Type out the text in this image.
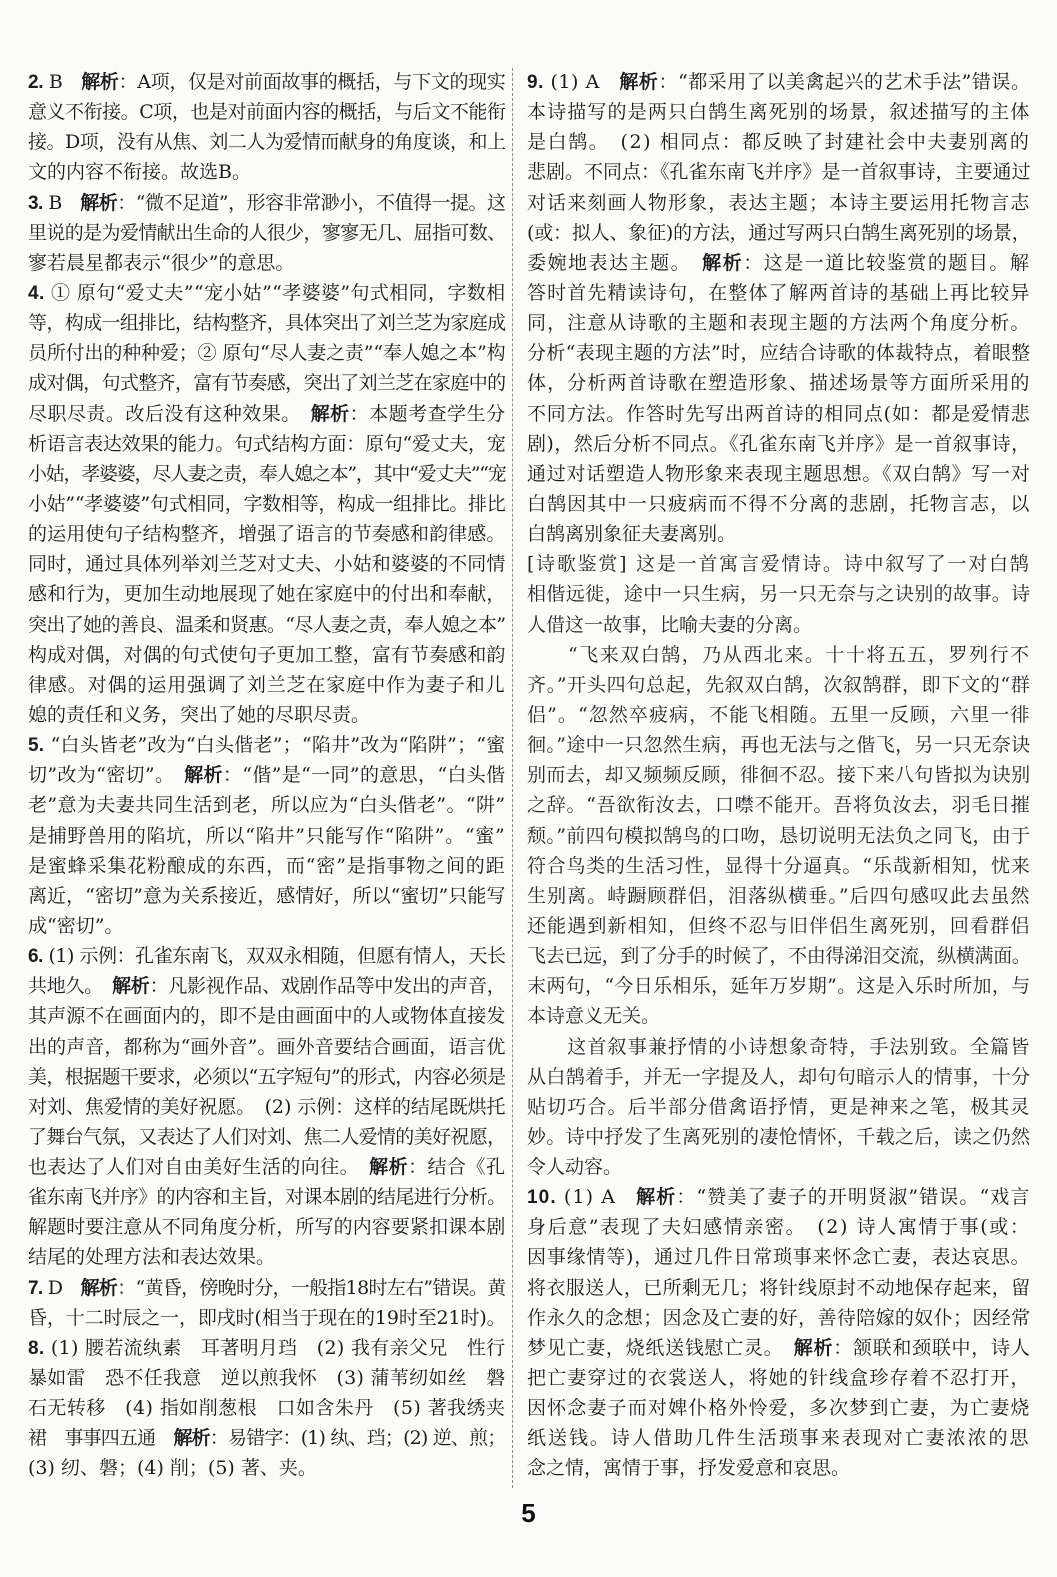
2. B　解析：A项，仅是对前面故事的概括，与下文的现实
意义不衔接。C项，也是对前面内容的概括，与后文不能衔
接。D项，没有从焦、刘二人为爱情而献身的角度谈，和上
文的内容不衔接。故选B。
3. B　解析：“微不足道”，形容非常渺小，不值得一提。这
里说的是为爱情献出生命的人很少，寥寥无几、屈指可数、
寥若晨星都表示“很少”的意思。
4. ① 原句“爱丈夫”“宠小姑”“孝婆婆”句式相同，字数相
等，构成一组排比，结构整齐，具体突出了刘兰芝为家庭成
员所付出的种种爱；② 原句“尽人妻之责”“奉人媳之本”构
成对偶，句式整齐，富有节奏感，突出了刘兰芝在家庭中的
尽职尽责。改后没有这种效果。　解析：本题考查学生分
析语言表达效果的能力。句式结构方面：原句“爱丈夫，宠
小姑，孝婆婆，尽人妻之责，奉人媳之本”，其中“爱丈夫”“宠
小姑”“孝婆婆”句式相同，字数相等，构成一组排比。排比
的运用使句子结构整齐，增强了语言的节奏感和韵律感。
同时，通过具体列举刘兰芝对丈夫、小姑和婆婆的不同情
感和行为，更加生动地展现了她在家庭中的付出和奉献，
突出了她的善良、温柔和贤惠。“尽人妻之责，奉人媳之本”
构成对偶，对偶的句式使句子更加工整，富有节奏感和韵
律感。对偶的运用强调了刘兰芝在家庭中作为妻子和儿
媳的责任和义务，突出了她的尽职尽责。
5. “白头皆老”改为“白头偕老”；“陷井”改为“陷阱”；“蜜
切”改为“密切”。　解析：“偕”是“一同”的意思，“白头偕
老”意为夫妻共同生活到老，所以应为“白头偕老”。“阱”
是捕野兽用的陷坑，所以“陷井”只能写作“陷阱”。“蜜”
是蜜蜂采集花粉酿成的东西，而“密”是指事物之间的距
离近，“密切”意为关系接近，感情好，所以“蜜切”只能写
成“密切”。
6. (1) 示例：孔雀东南飞，双双永相随，但愿有情人，天长
共地久。　解析：凡影视作品、戏剧作品等中发出的声音，
其声源不在画面内的，即不是由画面中的人或物体直接发
出的声音，都称为“画外音”。画外音要结合画面，语言优
美，根据题干要求，必须以“五字短句”的形式，内容必须是
对刘、焦爱情的美好祝愿。　(2) 示例：这样的结尾既烘托
了舞台气氛，又表达了人们对刘、焦二人爱情的美好祝愿，
也表达了人们对自由美好生活的向往。　解析：结合《孔
雀东南飞并序》的内容和主旨，对课本剧的结尾进行分析。
解题时要注意从不同角度分析，所写的内容要紧扣课本剧
结尾的处理方法和表达效果。
7. D　解析：“黄昏，傍晚时分，一般指18时左右”错误。黄
昏，十二时辰之一，即戌时(相当于现在的19时至21时)。
8. (1) 腰若流纨素　耳著明月珰　(2) 我有亲父兄　性行
暴如雷　恐不任我意　逆以煎我怀　(3) 蒲苇纫如丝　磐
石无转移　(4) 指如削葱根　口如含朱丹　(5) 著我绣夹
裙　事事四五通　解析：易错字：(1) 纨、珰；(2) 逆、煎；
(3) 纫、磐；(4) 削；(5) 著、夹。
9. (1) A　解析：“都采用了以美禽起兴的艺术手法”错误。
本诗描写的是两只白鹄生离死别的场景，叙述描写的主体
是白鹄。　(2) 相同点：都反映了封建社会中夫妻别离的
悲剧。不同点：《孔雀东南飞并序》是一首叙事诗，主要通过
对话来刻画人物形象，表达主题；本诗主要运用托物言志
(或：拟人、象征)的方法，通过写两只白鹄生离死别的场景，
委婉地表达主题。　解析：这是一道比较鉴赏的题目。解
答时首先精读诗句，在整体了解两首诗的基础上再比较异
同，注意从诗歌的主题和表现主题的方法两个角度分析。
分析“表现主题的方法”时，应结合诗歌的体裁特点，着眼整
体，分析两首诗歌在塑造形象、描述场景等方面所采用的
不同方法。作答时先写出两首诗的相同点(如：都是爱情悲
剧)，然后分析不同点。《孔雀东南飞并序》是一首叙事诗，
通过对话塑造人物形象来表现主题思想。《双白鹄》写一对
白鹄因其中一只疲病而不得不分离的悲剧，托物言志，以
白鹄离别象征夫妻离别。
[诗歌鉴赏] 这是一首寓言爱情诗。诗中叙写了一对白鹄
相偕远徙，途中一只生病，另一只无奈与之诀别的故事。诗
人借这一故事，比喻夫妻的分离。
　　“飞来双白鹄，乃从西北来。十十将五五，罗列行不
齐。”开头四句总起，先叙双白鹄，次叙鹄群，即下文的“群
侣”。“忽然卒疲病，不能飞相随。五里一反顾，六里一徘
徊。”途中一只忽然生病，再也无法与之偕飞，另一只无奈诀
别而去，却又频频反顾，徘徊不忍。接下来八句皆拟为诀别
之辞。“吾欲衔汝去，口噤不能开。吾将负汝去，羽毛日摧
颓。”前四句模拟鹄鸟的口吻，恳切说明无法负之同飞，由于
符合鸟类的生活习性，显得十分逼真。“乐哉新相知，忧来
生别离。峙蹰顾群侣，泪落纵横垂。”后四句感叹此去虽然
还能遇到新相知，但终不忍与旧伴侣生离死别，回看群侣
飞去已远，到了分手的时候了，不由得涕泪交流，纵横满面。
末两句，“今日乐相乐，延年万岁期”。这是入乐时所加，与
本诗意义无关。
　　这首叙事兼抒情的小诗想象奇特，手法别致。全篇皆
从白鹄着手，并无一字提及人，却句句暗示人的情事，十分
贴切巧合。后半部分借禽语抒情，更是神来之笔，极其灵
妙。诗中抒发了生离死别的凄怆情怀，千载之后，读之仍然
令人动容。
10. (1) A　解析：“赞美了妻子的开明贤淑”错误。“戏言
身后意”表现了夫妇感情亲密。　(2) 诗人寓情于事(或：
因事缘情等)，通过几件日常琐事来怀念亡妻，表达哀思。
将衣服送人，已所剩无几；将针线原封不动地保存起来，留
作永久的念想；因念及亡妻的好，善待陪嫁的奴仆；因经常
梦见亡妻，烧纸送钱慰亡灵。　解析：颔联和颈联中，诗人
把亡妻穿过的衣裳送人，将她的针线盒珍存着不忍打开，
因怀念妻子而对婢仆格外怜爱，多次梦到亡妻，为亡妻烧
纸送钱。诗人借助几件生活琐事来表现对亡妻浓浓的思
念之情，寓情于事，抒发爱意和哀思。
5
